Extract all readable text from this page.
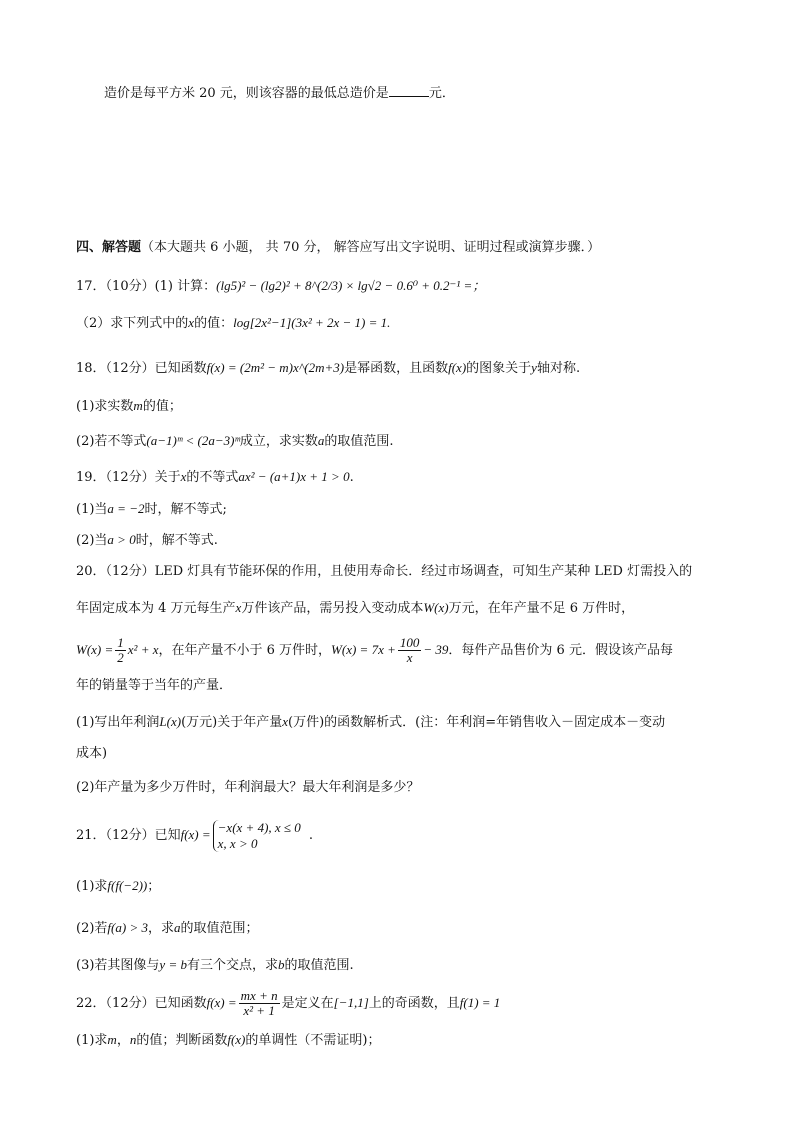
造价是每平方米 20 元，则该容器的最低总造价是	元．
四、解答题（本大题共 6 小题， 共 70 分， 解答应写出文字说明、证明过程或演算步骤．）
17．（10分）(1) 计算：(lg5)² − (lg2)² + 8^(2/3) × lg√2 − 0.6⁰ + 0.2⁻¹ =；
（2）求下列式中的x的值：log[2x²−1](3x² + 2x − 1) = 1.
18．（12分）已知函数f(x) = (2m² − m)x^(2m+3)是幂函数，且函数f(x)的图象关于y轴对称.
(1)求实数m的值；
(2)若不等式(a−1)ᵐ < (2a−3)ᵐ成立，求实数a的取值范围.
19．（12分）关于x的不等式ax² − (a+1)x + 1 > 0.
(1)当a = −2时，解不等式;
(2)当a > 0时，解不等式.
20．（12分）LED 灯具有节能环保的作用，且使用寿命长．经过市场调查，可知生产某种 LED 灯需投入的
年固定成本为 4 万元每生产x万件该产品，需另投入变动成本W(x)万元，在年产量不足 6 万件时，
$W(x) = \frac{1}{2} x^2 + x$，在年产量不小于 6 万件时，$W(x) = 7x + \frac{100}{x} - 39$．每件产品售价为 6 元．假设该产品每
年的销量等于当年的产量．
(1)写出年利润L(x)(万元)关于年产量x(万件)的函数解析式．(注：年利润=年销售收入－固定成本－变动
成本)
(2)年产量为多少万件时，年利润最大？最大年利润是多少？
21．（12分）已知f(x) = −x(x + 4), x ≤ 0
x, x > 0	.
(1)求f(f(−2))；
(2)若f(a) > 3，求a的取值范围；
(3)若其图像与y = b有三个交点，求b的取值范围.
22．（12分）已知函数$f(x) = \frac{mx + n}{\text{x² + 1}}$ 是定义在[−1,1]上的奇函数，且f(1) = 1
(1)求m，n的值；判断函数f(x)的单调性（不需证明)；
